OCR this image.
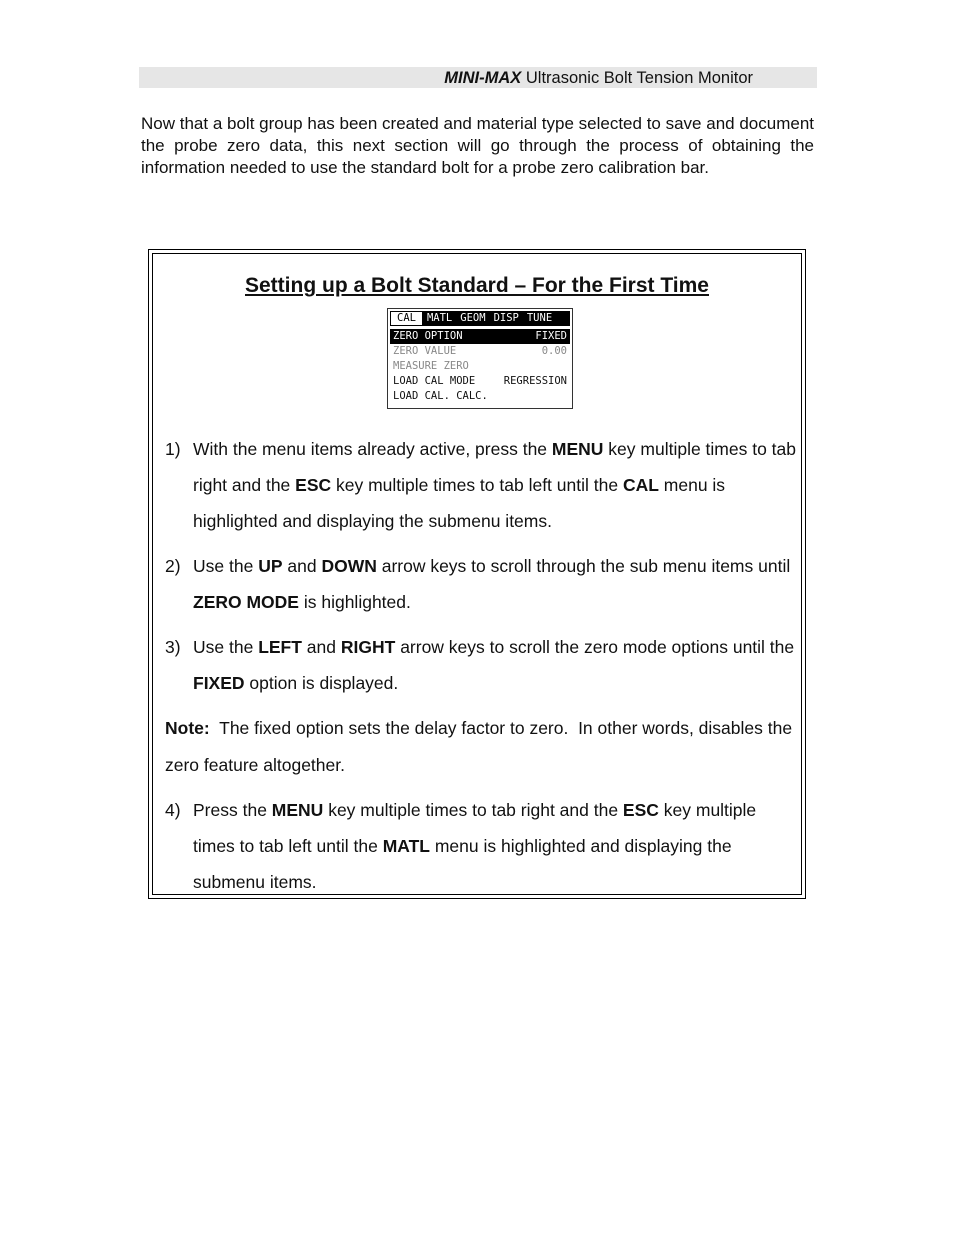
MINI-MAX Ultrasonic Bolt Tension Monitor

Now that a bolt group has been created and material type selected to save and document the probe zero data, this next section will go through the process of obtaining the information needed to use the standard bolt for a probe zero calibration bar.

Setting up a Bolt Standard – For the First Time
CAL	MATL GEOM DISP TUNE
ZERO OPTION	FIXED
ZERO VALUE	0.00
MEASURE ZERO
LOAD CAL MODE	REGRESSION
LOAD CAL. CALC.
1) With the menu items already active, press the MENU key multiple times to tab right and the ESC key multiple times to tab left until the CAL menu is highlighted and displaying the submenu items.
2) Use the UP and DOWN arrow keys to scroll through the sub menu items until ZERO MODE is highlighted.
3) Use the LEFT and RIGHT arrow keys to scroll the zero mode options until the FIXED option is displayed.
Note:  The fixed option sets the delay factor to zero.  In other words, disables the zero feature altogether.
4) Press the MENU key multiple times to tab right and the ESC key multiple times to tab left until the MATL menu is highlighted and displaying the submenu items.
